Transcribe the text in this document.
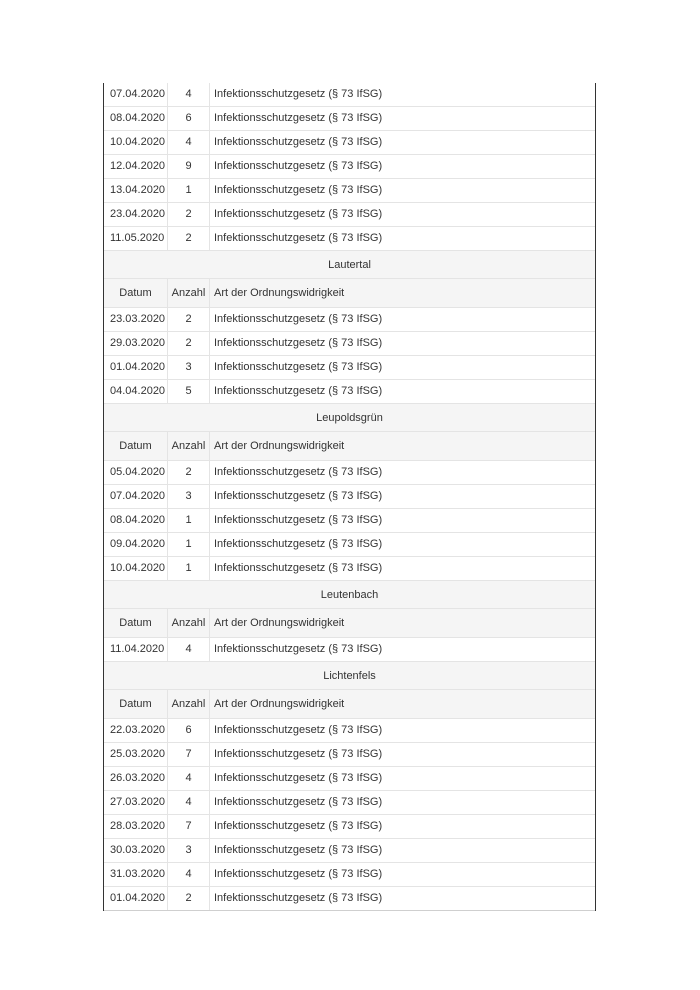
07.04.2020	4	Infektionsschutzgesetz (§ 73 IfSG)
08.04.2020	6	Infektionsschutzgesetz (§ 73 IfSG)
10.04.2020	4	Infektionsschutzgesetz (§ 73 IfSG)
12.04.2020	9	Infektionsschutzgesetz (§ 73 IfSG)
13.04.2020	1	Infektionsschutzgesetz (§ 73 IfSG)
23.04.2020	2	Infektionsschutzgesetz (§ 73 IfSG)
11.05.2020	2	Infektionsschutzgesetz (§ 73 IfSG)
Lautertal
Datum	Anzahl Art der Ordnungswidrigkeit
23.03.2020	2	Infektionsschutzgesetz (§ 73 IfSG)
29.03.2020	2	Infektionsschutzgesetz (§ 73 IfSG)
01.04.2020	3	Infektionsschutzgesetz (§ 73 IfSG)
04.04.2020	5	Infektionsschutzgesetz (§ 73 IfSG)
Leupoldsgrün
Datum	Anzahl Art der Ordnungswidrigkeit
05.04.2020	2	Infektionsschutzgesetz (§ 73 IfSG)
07.04.2020	3	Infektionsschutzgesetz (§ 73 IfSG)
08.04.2020	1	Infektionsschutzgesetz (§ 73 IfSG)
09.04.2020	1	Infektionsschutzgesetz (§ 73 IfSG)
10.04.2020	1	Infektionsschutzgesetz (§ 73 IfSG)
Leutenbach
Datum	Anzahl Art der Ordnungswidrigkeit
11.04.2020	4	Infektionsschutzgesetz (§ 73 IfSG)
Lichtenfels
Datum	Anzahl Art der Ordnungswidrigkeit
22.03.2020	6	Infektionsschutzgesetz (§ 73 IfSG)
25.03.2020	7	Infektionsschutzgesetz (§ 73 IfSG)
26.03.2020	4	Infektionsschutzgesetz (§ 73 IfSG)
27.03.2020	4	Infektionsschutzgesetz (§ 73 IfSG)
28.03.2020	7	Infektionsschutzgesetz (§ 73 IfSG)
30.03.2020	3	Infektionsschutzgesetz (§ 73 IfSG)
31.03.2020	4	Infektionsschutzgesetz (§ 73 IfSG)
01.04.2020	2	Infektionsschutzgesetz (§ 73 IfSG)
